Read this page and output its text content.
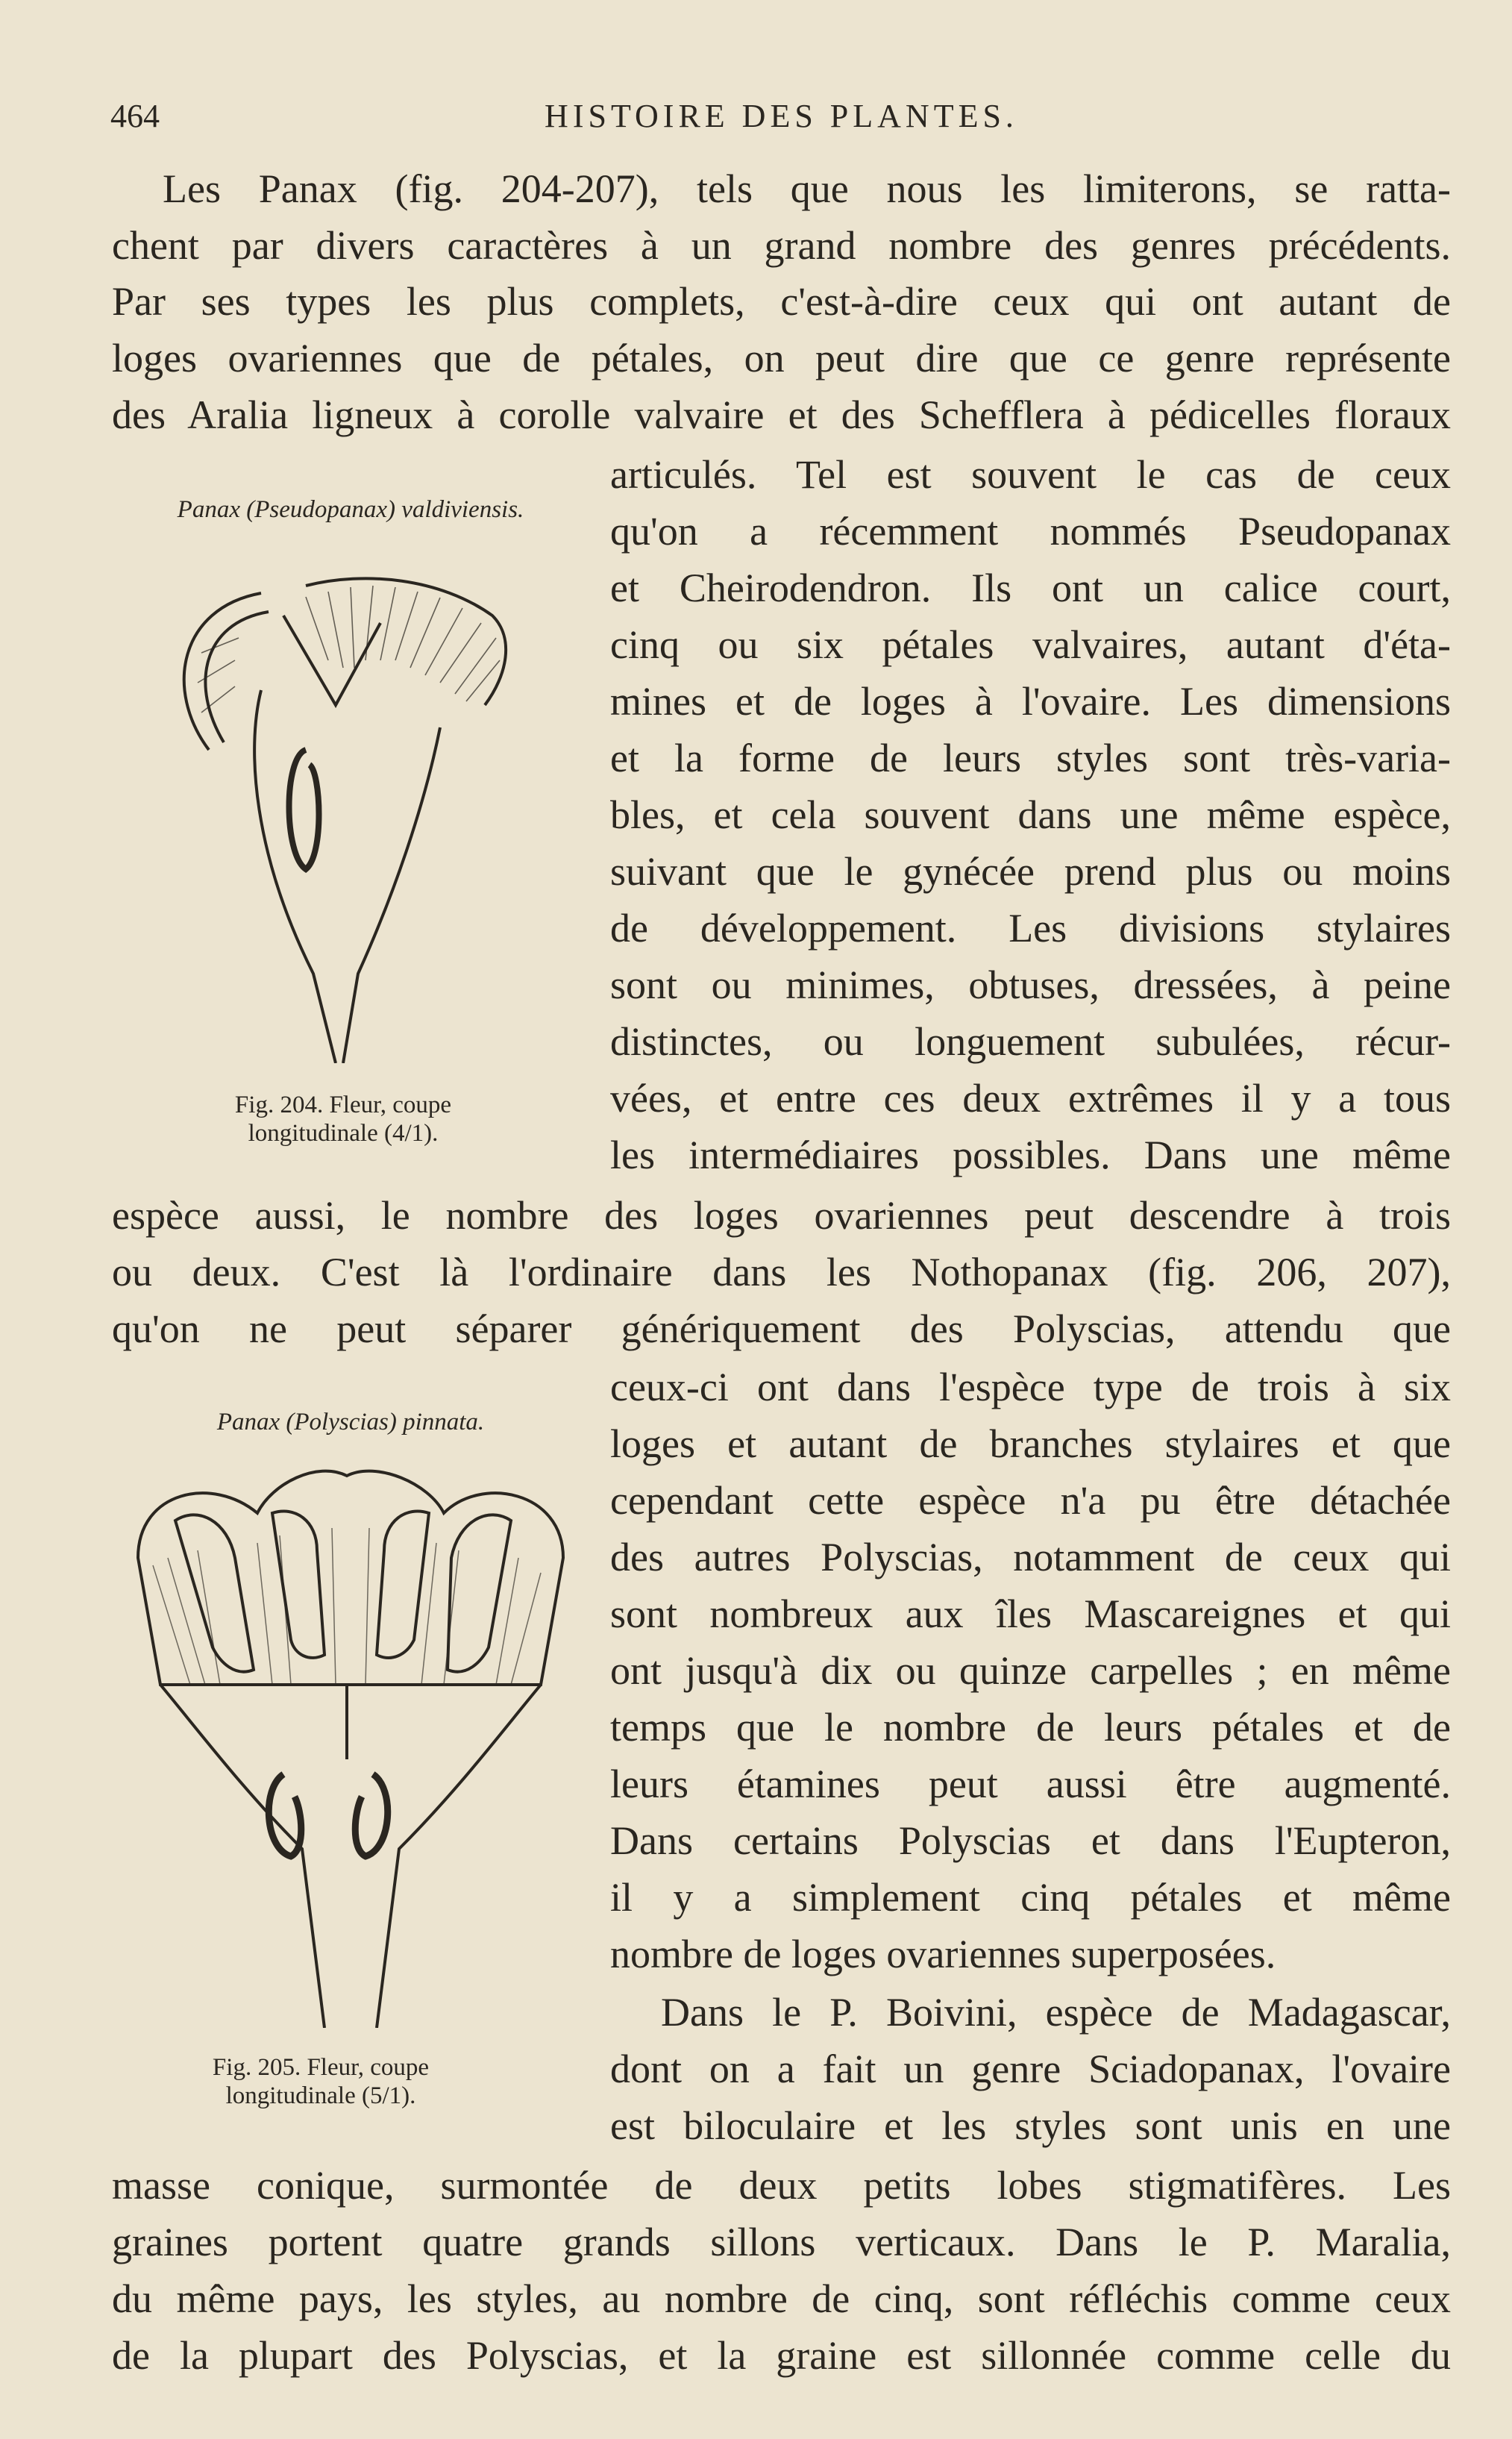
464	HISTOIRE DES PLANTES.
Les Panax (fig. 204-207), tels que nous les limiterons, se ratta-
chent par divers caractères à un grand nombre des genres précédents.
Par ses types les plus complets, c'est-à-dire ceux qui ont autant de
loges ovariennes que de pétales, on peut dire que ce genre représente
des Aralia ligneux à corolle valvaire et des Schefflera à pédicelles floraux
articulés. Tel est souvent le cas de ceux
qu'on a récemment nommés Pseudopanax
et Cheirodendron. Ils ont un calice court,
cinq ou six pétales valvaires, autant d'éta-
mines et de loges à l'ovaire. Les dimensions
et la forme de leurs styles sont très-varia-
bles, et cela souvent dans une même espèce,
suivant que le gynécée prend plus ou moins
de développement. Les divisions stylaires
sont ou minimes, obtuses, dressées, à peine
distinctes, ou longuement subulées, récur-
vées, et entre ces deux extrêmes il y a tous
les intermédiaires possibles. Dans une même
espèce aussi, le nombre des loges ovariennes peut descendre à trois
ou deux. C'est là l'ordinaire dans les Nothopanax (fig. 206, 207),
qu'on ne peut séparer génériquement des Polyscias, attendu que
ceux-ci ont dans l'espèce type de trois à six
loges et autant de branches stylaires et que
cependant cette espèce n'a pu être détachée
des autres Polyscias, notamment de ceux qui
sont nombreux aux îles Mascareignes et qui
ont jusqu'à dix ou quinze carpelles ; en même
temps que le nombre de leurs pétales et de
leurs étamines peut aussi être augmenté.
Dans certains Polyscias et dans l'Eupteron,
il y a simplement cinq pétales et même
nombre de loges ovariennes superposées.
Dans le P. Boivini, espèce de Madagascar,
dont on a fait un genre Sciadopanax, l'ovaire
est biloculaire et les styles sont unis en une
masse conique, surmontée de deux petits lobes stigmatifères. Les
graines portent quatre grands sillons verticaux. Dans le P. Maralia,
du même pays, les styles, au nombre de cinq, sont réfléchis comme ceux
de la plupart des Polyscias, et la graine est sillonnée comme celle du
Panax (Pseudopanax) valdiviensis.
Fig. 204. Fleur, coupe
longitudinale (4/1).
Panax (Polyscias) pinnata.
Fig. 205. Fleur, coupe
longitudinale (5/1).
